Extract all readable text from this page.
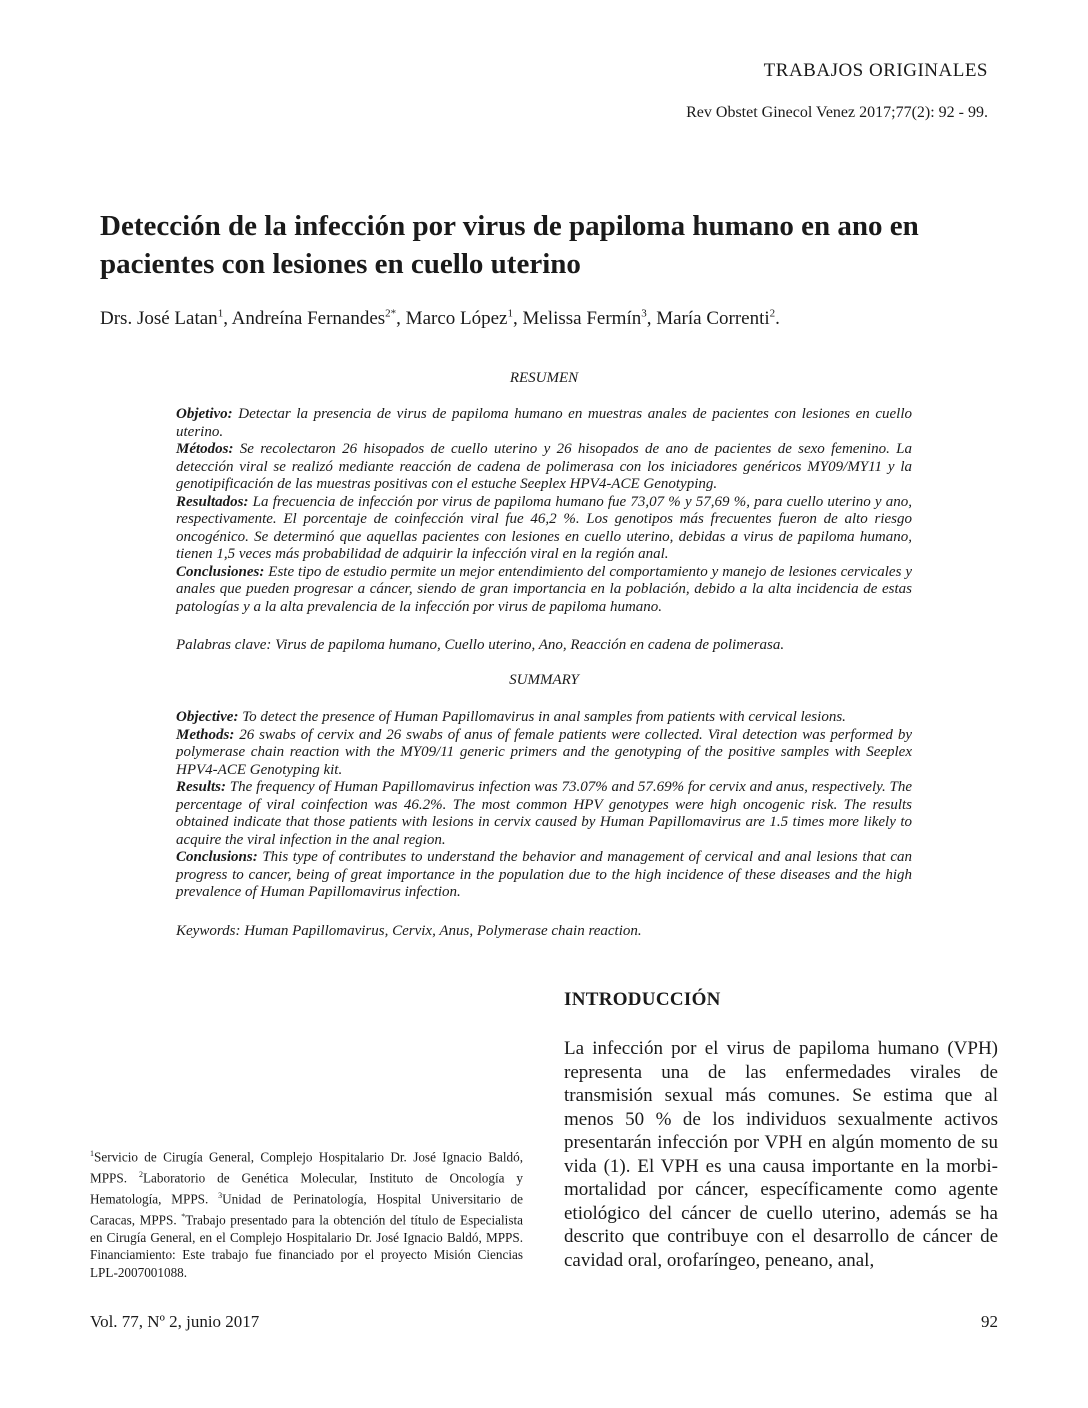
TRABAJOS ORIGINALES
Rev Obstet Ginecol Venez 2017;77(2): 92 - 99.
Detección de la infección por virus de papiloma humano en ano en pacientes con lesiones en cuello uterino
Drs. José Latan$^1$, Andreína Fernandes$^{2*}$, Marco López$^1$, Melissa Fermín$^3$, María Correnti$^2$.
RESUMEN

Objetivo: Detectar la presencia de virus de papiloma humano en muestras anales de pacientes con lesiones en cuello uterino.

Métodos: Se recolectaron 26 hisopados de cuello uterino y 26 hisopados de ano de pacientes de sexo femenino. La detección viral se realizó mediante reacción de cadena de polimerasa con los iniciadores genéricos MY09/MY11 y la genotipificación de las muestras positivas con el estuche Seeplex HPV4-ACE Genotyping.

Resultados: La frecuencia de infección por virus de papiloma humano fue 73,07 % y 57,69 %, para cuello uterino y ano, respectivamente. El porcentaje de coinfección viral fue 46,2 %. Los genotipos más frecuentes fueron de alto riesgo oncogénico. Se determinó que aquellas pacientes con lesiones en cuello uterino, debidas a virus de papiloma humano, tienen 1,5 veces más probabilidad de adquirir la infección viral en la región anal.

Conclusiones: Este tipo de estudio permite un mejor entendimiento del comportamiento y manejo de lesiones cervicales y anales que pueden progresar a cáncer, siendo de gran importancia en la población, debido a la alta incidencia de estas patologías y a la alta prevalencia de la infección por virus de papiloma humano.

Palabras clave: Virus de papiloma humano, Cuello uterino, Ano, Reacción en cadena de polimerasa.
SUMMARY

Objective: To detect the presence of Human Papillomavirus in anal samples from patients with cervical lesions.

Methods: 26 swabs of cervix and 26 swabs of anus of female patients were collected. Viral detection was performed by polymerase chain reaction with the MY09/11 generic primers and the genotyping of the positive samples with Seeplex HPV4-ACE Genotyping kit.

Results: The frequency of Human Papillomavirus infection was 73.07% and 57.69% for cervix and anus, respectively. The percentage of viral coinfection was 46.2%. The most common HPV genotypes were high oncogenic risk. The results obtained indicate that those patients with lesions in cervix caused by Human Papillomavirus are 1.5 times more likely to acquire the viral infection in the anal region.

Conclusions: This type of contributes to understand the behavior and management of cervical and anal lesions that can progress to cancer, being of great importance in the population due to the high incidence of these diseases and the high prevalence of Human Papillomavirus infection.

Keywords: Human Papillomavirus, Cervix, Anus, Polymerase chain reaction.
INTRODUCCIÓN
La infección por el virus de papiloma humano (VPH) representa una de las enfermedades virales de transmisión sexual más comunes. Se estima que al menos 50 % de los individuos sexualmente activos presentarán infección por VPH en algún momento de su vida (1). El VPH es una causa importante en la morbi-mortalidad por cáncer, específicamente como agente etiológico del cáncer de cuello uterino, además se ha descrito que contribuye con el desarrollo de cáncer de cavidad oral, orofaríngeo, peneano, anal,
$^1$Servicio de Cirugía General, Complejo Hospitalario Dr. José Ignacio Baldó, MPPS. $^2$Laboratorio de Genética Molecular, Instituto de Oncología y Hematología, MPPS. $^3$Unidad de Perinatología, Hospital Universitario de Caracas, MPPS. *Trabajo presentado para la obtención del título de Especialista en Cirugía General, en el Complejo Hospitalario Dr. José Ignacio Baldó, MPPS. Financiamiento: Este trabajo fue financiado por el proyecto Misión Ciencias LPL-2007001088.
Vol. 77, Nº 2, junio 2017	92
